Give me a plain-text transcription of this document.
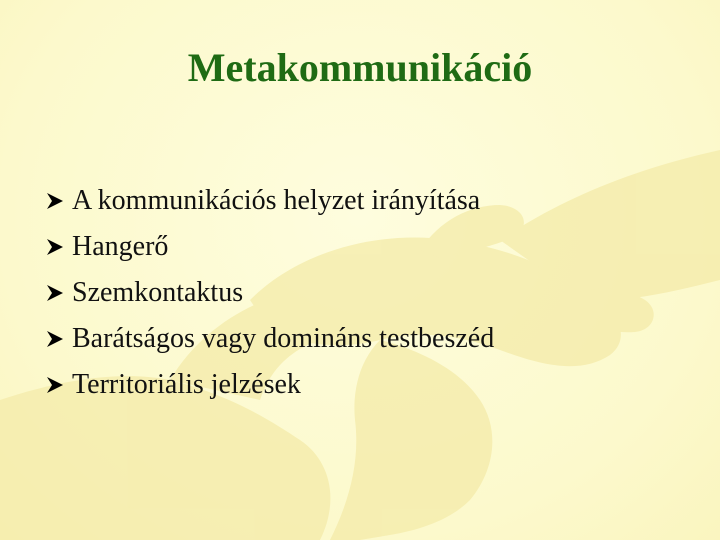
Metakommunikáció
A kommunikációs helyzet irányítása
Hangerő
Szemkontaktus
Barátságos vagy domináns testbeszéd
Territoriális jelzések
